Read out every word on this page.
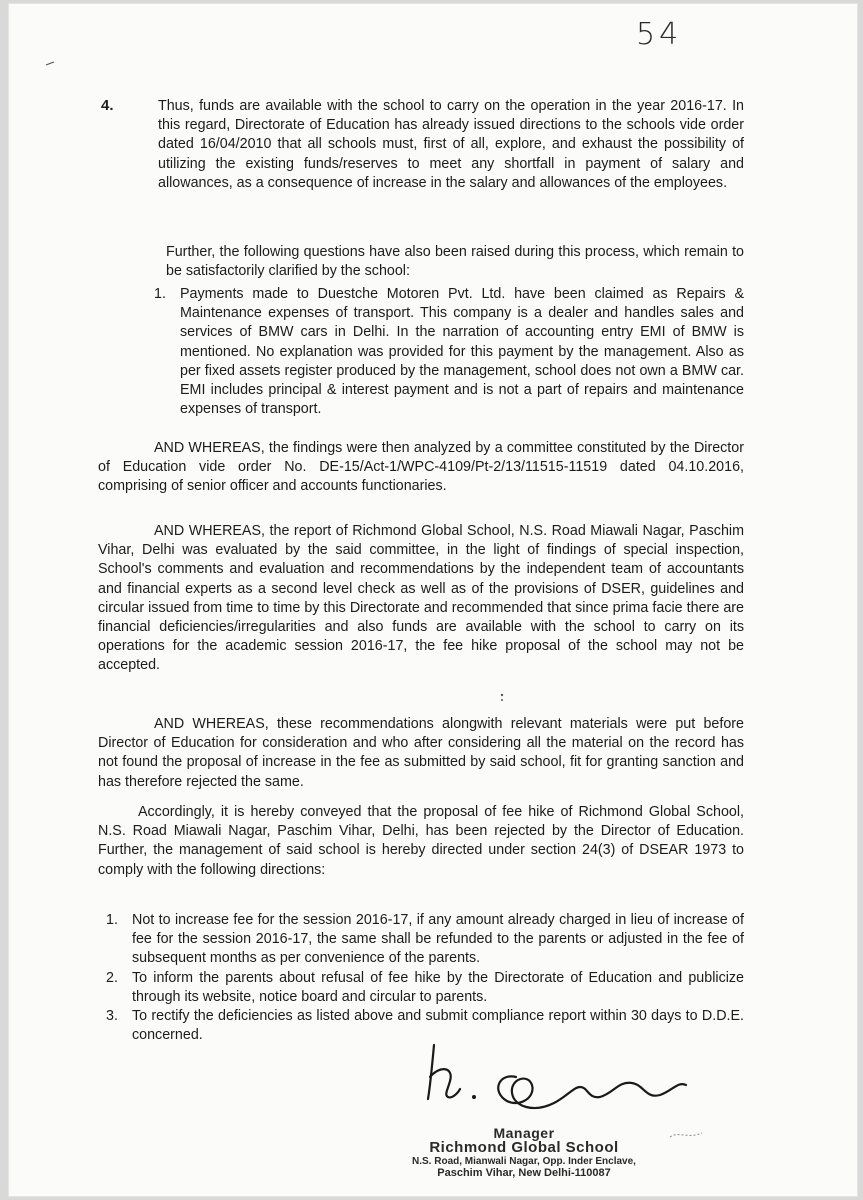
54
4.	Thus, funds are available with the school to carry on the operation in the year 2016-17. In this regard, Directorate of Education has already issued directions to the schools vide order dated 16/04/2010 that all schools must, first of all, explore, and exhaust the possibility of utilizing the existing funds/reserves to meet any shortfall in payment of salary and allowances, as a consequence of increase in the salary and allowances of the employees.

Further, the following questions have also been raised during this process, which remain to be satisfactorily clarified by the school:

1. Payments made to Duestche Motoren Pvt. Ltd. have been claimed as Repairs & Maintenance expenses of transport. This company is a dealer and handles sales and services of BMW cars in Delhi. In the narration of accounting entry EMI of BMW is mentioned. No explanation was provided for this payment by the management. Also as per fixed assets register produced by the management, school does not own a BMW car. EMI includes principal & interest payment and is not a part of repairs and maintenance expenses of transport.

AND WHEREAS, the findings were then analyzed by a committee constituted by the Director of Education vide order No. DE-15/Act-1/WPC-4109/Pt-2/13/11515-11519 dated 04.10.2016, comprising of senior officer and accounts functionaries.

AND WHEREAS, the report of Richmond Global School, N.S. Road Miawali Nagar, Paschim Vihar, Delhi was evaluated by the said committee, in the light of findings of special inspection, School's comments and evaluation and recommendations by the independent team of accountants and financial experts as a second level check as well as of the provisions of DSER, guidelines and circular issued from time to time by this Directorate and recommended that since prima facie there are financial deficiencies/irregularities and also funds are available with the school to carry on its operations for the academic session 2016-17, the fee hike proposal of the school may not be accepted.

AND WHEREAS, these recommendations alongwith relevant materials were put before Director of Education for consideration and who after considering all the material on the record has not found the proposal of increase in the fee as submitted by said school, fit for granting sanction and has therefore rejected the same.

Accordingly, it is hereby conveyed that the proposal of fee hike of Richmond Global School, N.S. Road Miawali Nagar, Paschim Vihar, Delhi, has been rejected by the Director of Education. Further, the management of said school is hereby directed under section 24(3) of DSEAR 1973 to comply with the following directions:

1. Not to increase fee for the session 2016-17, if any amount already charged in lieu of increase of fee for the session 2016-17, the same shall be refunded to the parents or adjusted in the fee of subsequent months as per convenience of the parents.
2. To inform the parents about refusal of fee hike by the Directorate of Education and publicize through its website, notice board and circular to parents.
3. To rectify the deficiencies as listed above and submit compliance report within 30 days to D.D.E. concerned.
Manager
Richmond Global School
N.S. Road, Mianwali Nagar, Opp. Inder Enclave,
Paschim Vihar, New Delhi-110087
